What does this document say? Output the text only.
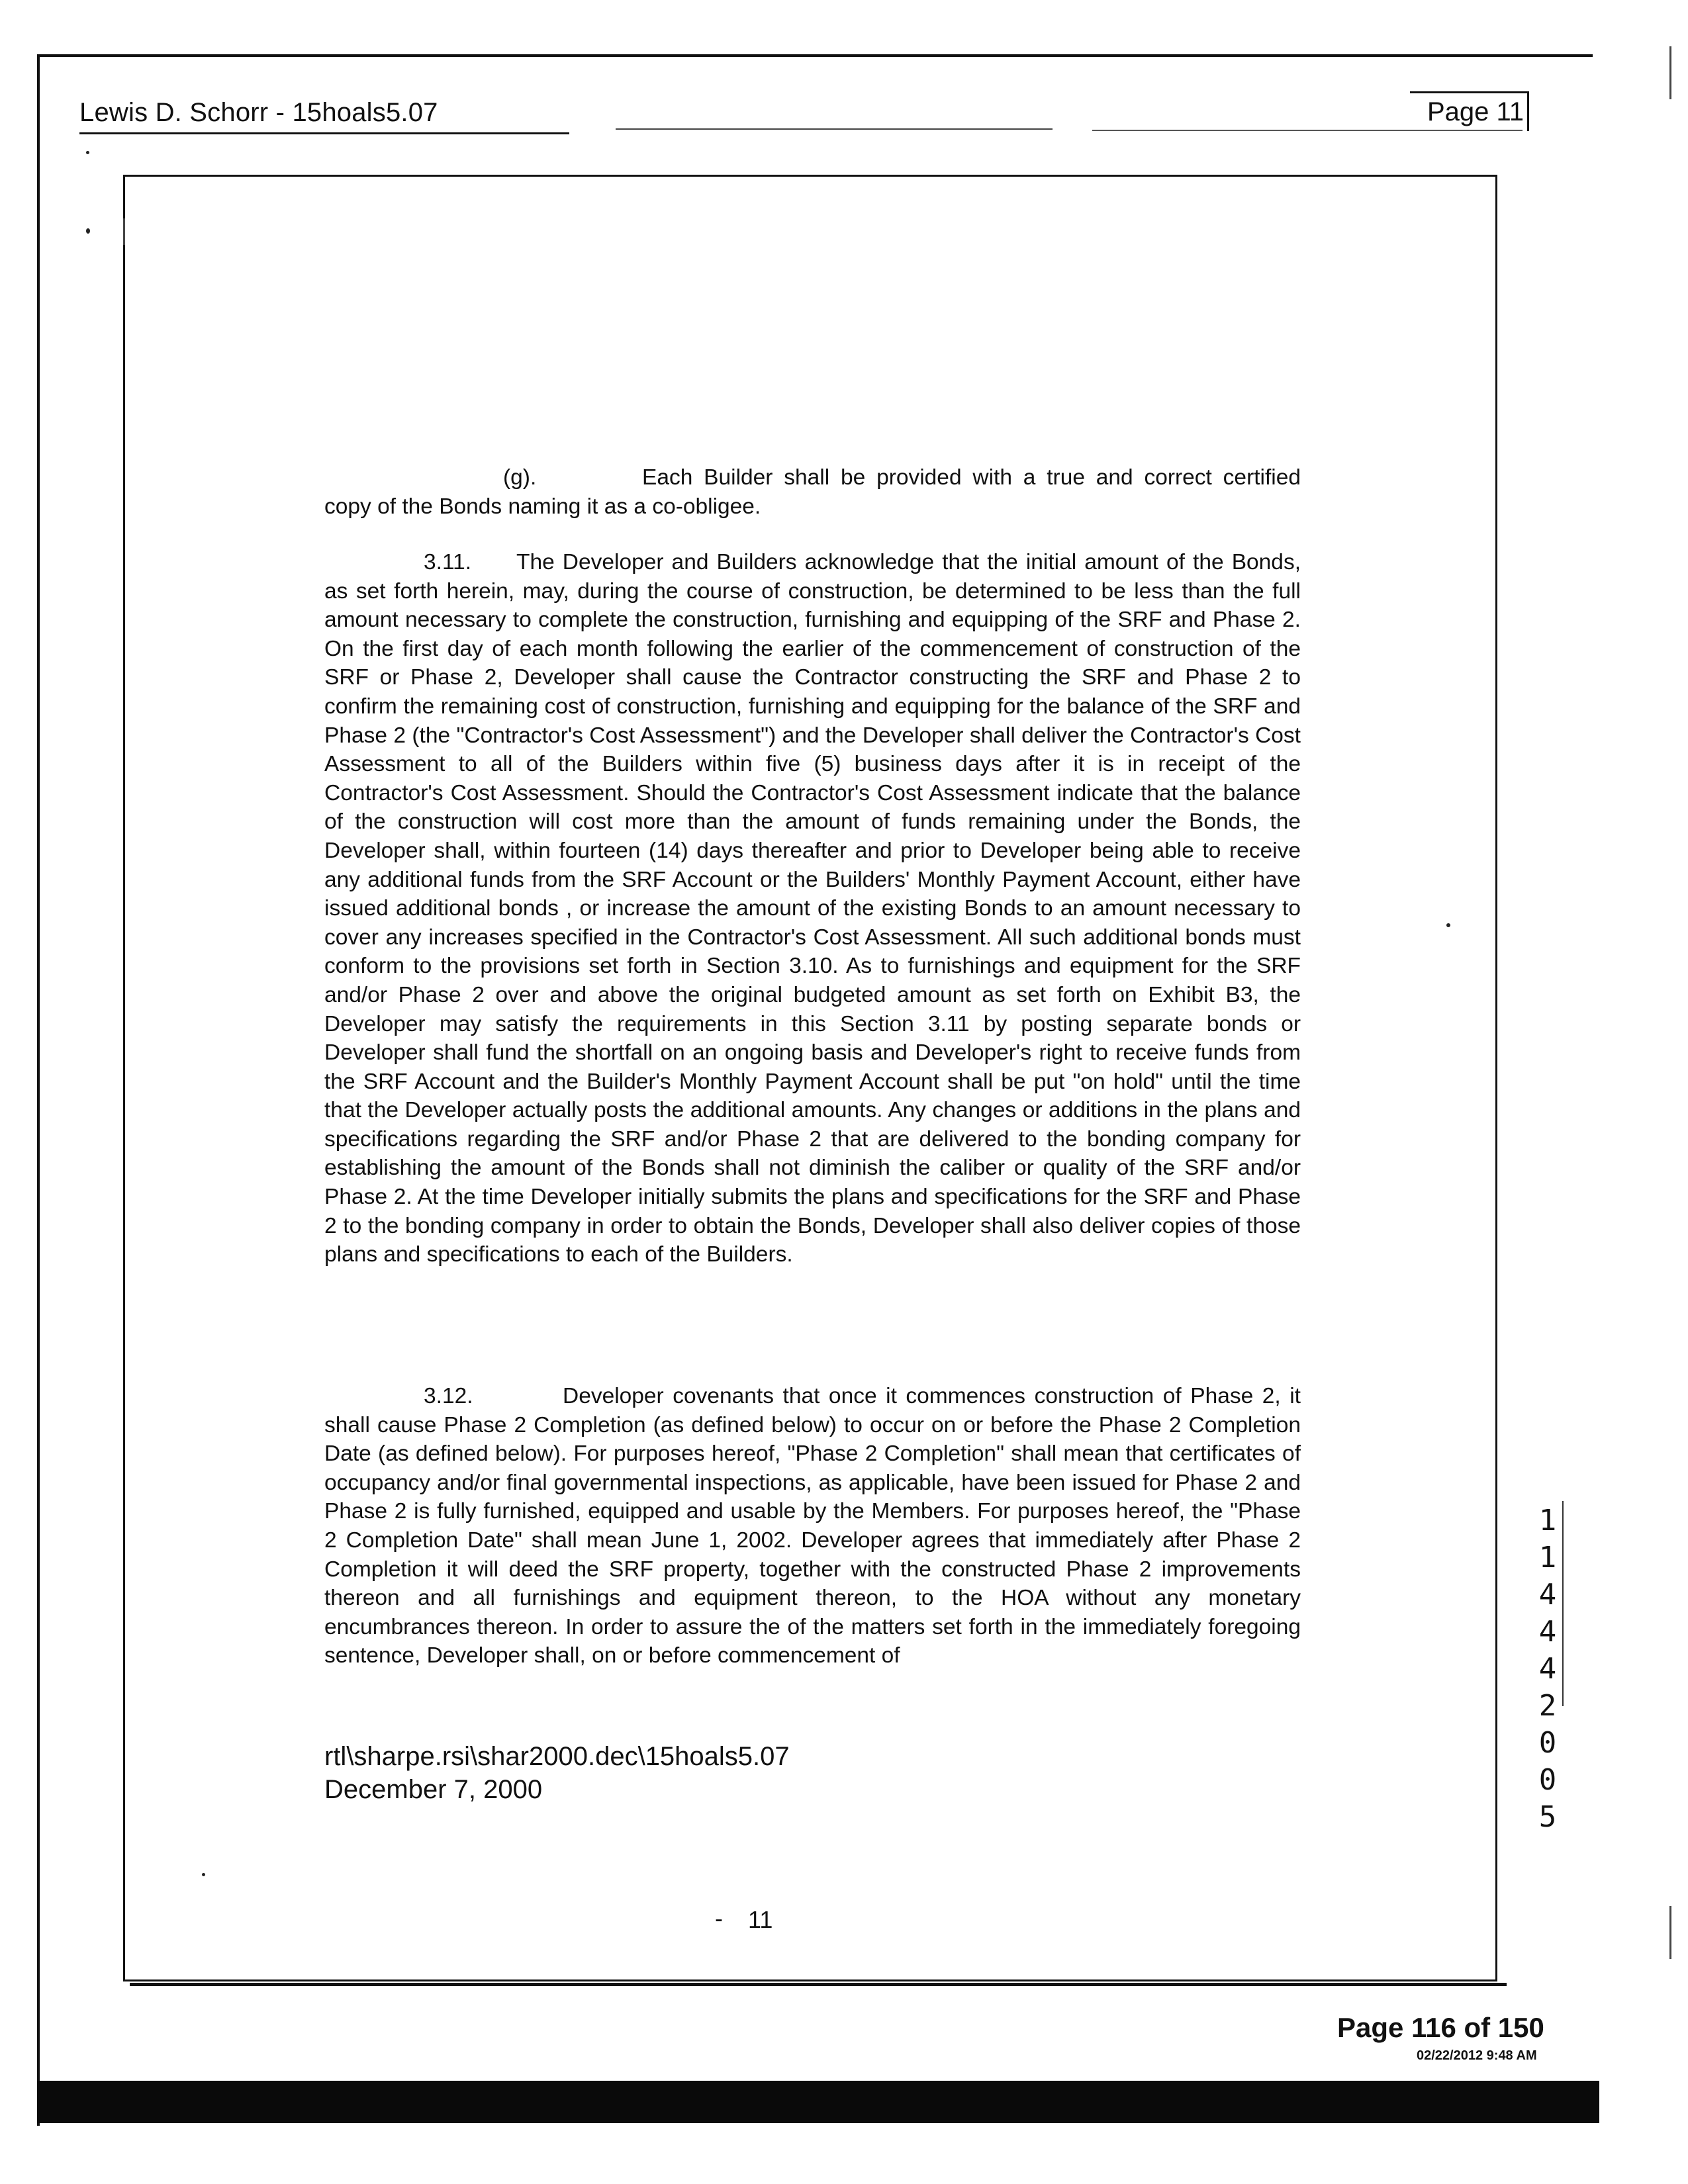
Lewis D. Schorr - 15hoals5.07	Page 11

(g).	Each Builder shall be provided with a true and correct certified copy of the Bonds naming it as a co-obligee.

3.11. The Developer and Builders acknowledge that the initial amount of the Bonds, as set forth herein, may, during the course of construction, be determined to be less than the full amount necessary to complete the construction, furnishing and equipping of the SRF and Phase 2. On the first day of each month following the earlier of the commencement of construction of the SRF or Phase 2, Developer shall cause the Contractor constructing the SRF and Phase 2 to confirm the remaining cost of construction, furnishing and equipping for the balance of the SRF and Phase 2 (the "Contractor's Cost Assessment") and the Developer shall deliver the Contractor's Cost Assessment to all of the Builders within five (5) business days after it is in receipt of the Contractor's Cost Assessment. Should the Contractor's Cost Assessment indicate that the balance of the construction will cost more than the amount of funds remaining under the Bonds, the Developer shall, within fourteen (14) days thereafter and prior to Developer being able to receive any additional funds from the SRF Account or the Builders' Monthly Payment Account, either have issued additional bonds , or increase the amount of the existing Bonds to an amount necessary to cover any increases specified in the Contractor's Cost Assessment. All such additional bonds must conform to the provisions set forth in Section 3.10. As to furnishings and equipment for the SRF and/or Phase 2 over and above the original budgeted amount as set forth on Exhibit B3, the Developer may satisfy the requirements in this Section 3.11 by posting separate bonds or Developer shall fund the shortfall on an ongoing basis and Developer's right to receive funds from the SRF Account and the Builder's Monthly Payment Account shall be put "on hold" until the time that the Developer actually posts the additional amounts. Any changes or additions in the plans and specifications regarding the SRF and/or Phase 2 that are delivered to the bonding company for establishing the amount of the Bonds shall not diminish the caliber or quality of the SRF and/or Phase 2. At the time Developer initially submits the plans and specifications for the SRF and Phase 2 to the bonding company in order to obtain the Bonds, Developer shall also deliver copies of those plans and specifications to each of the Builders.

3.12.	Developer covenants that once it commences construction of Phase 2, it shall cause Phase 2 Completion (as defined below) to occur on or before the Phase 2 Completion Date (as defined below). For purposes hereof, "Phase 2 Completion" shall mean that certificates of occupancy and/or final governmental inspections, as applicable, have been issued for Phase 2 and Phase 2 is fully furnished, equipped and usable by the Members. For purposes hereof, the "Phase 2 Completion Date" shall mean June 1, 2002. Developer agrees that immediately after Phase 2 Completion it will deed the SRF property, together with the constructed Phase 2 improvements thereon and all furnishings and equipment thereon, to the HOA without any monetary encumbrances thereon. In order to assure the of the matters set forth in the immediately foregoing sentence, Developer shall, on or before commencement of

rtl\sharpe.rsi\shar2000.dec\15hoals5.07
December 7, 2000
- 11
1
1
4
4
4
2
0
0
5
Page 116 of 150
02/22/2012 9:48 AM
